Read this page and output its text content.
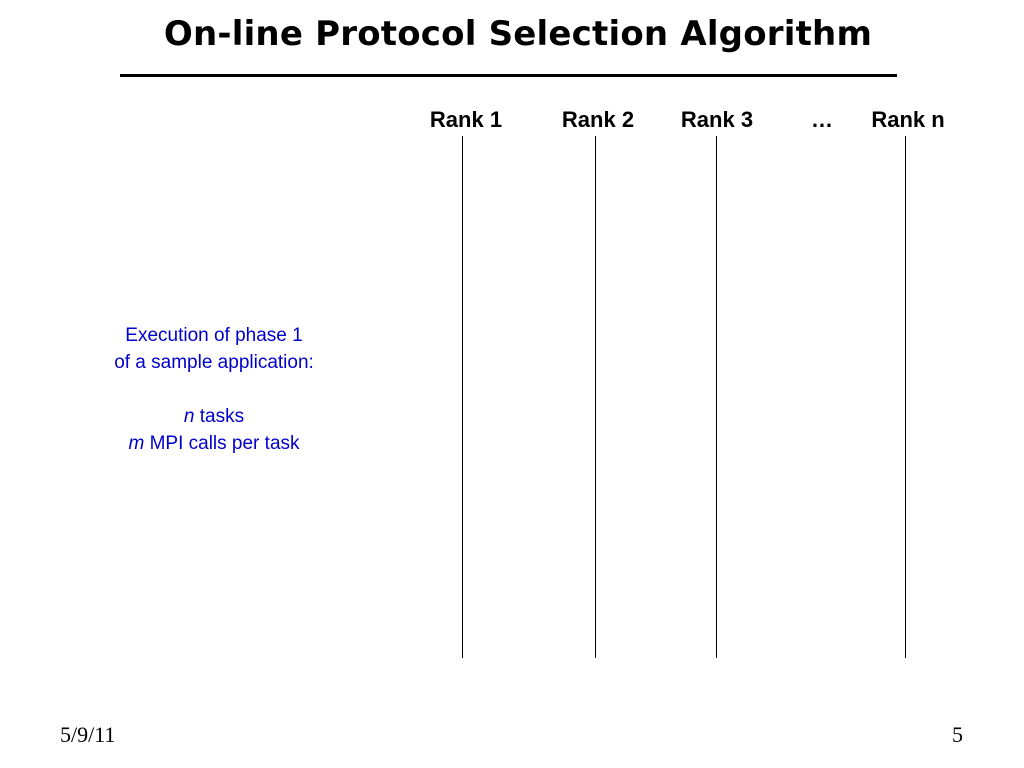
On-line Protocol Selection Algorithm
Rank 1	Rank 2 Rank 3	… Rank n
Execution of phase 1
of a sample application:
n tasks
m MPI calls per task
5/9/11	5
